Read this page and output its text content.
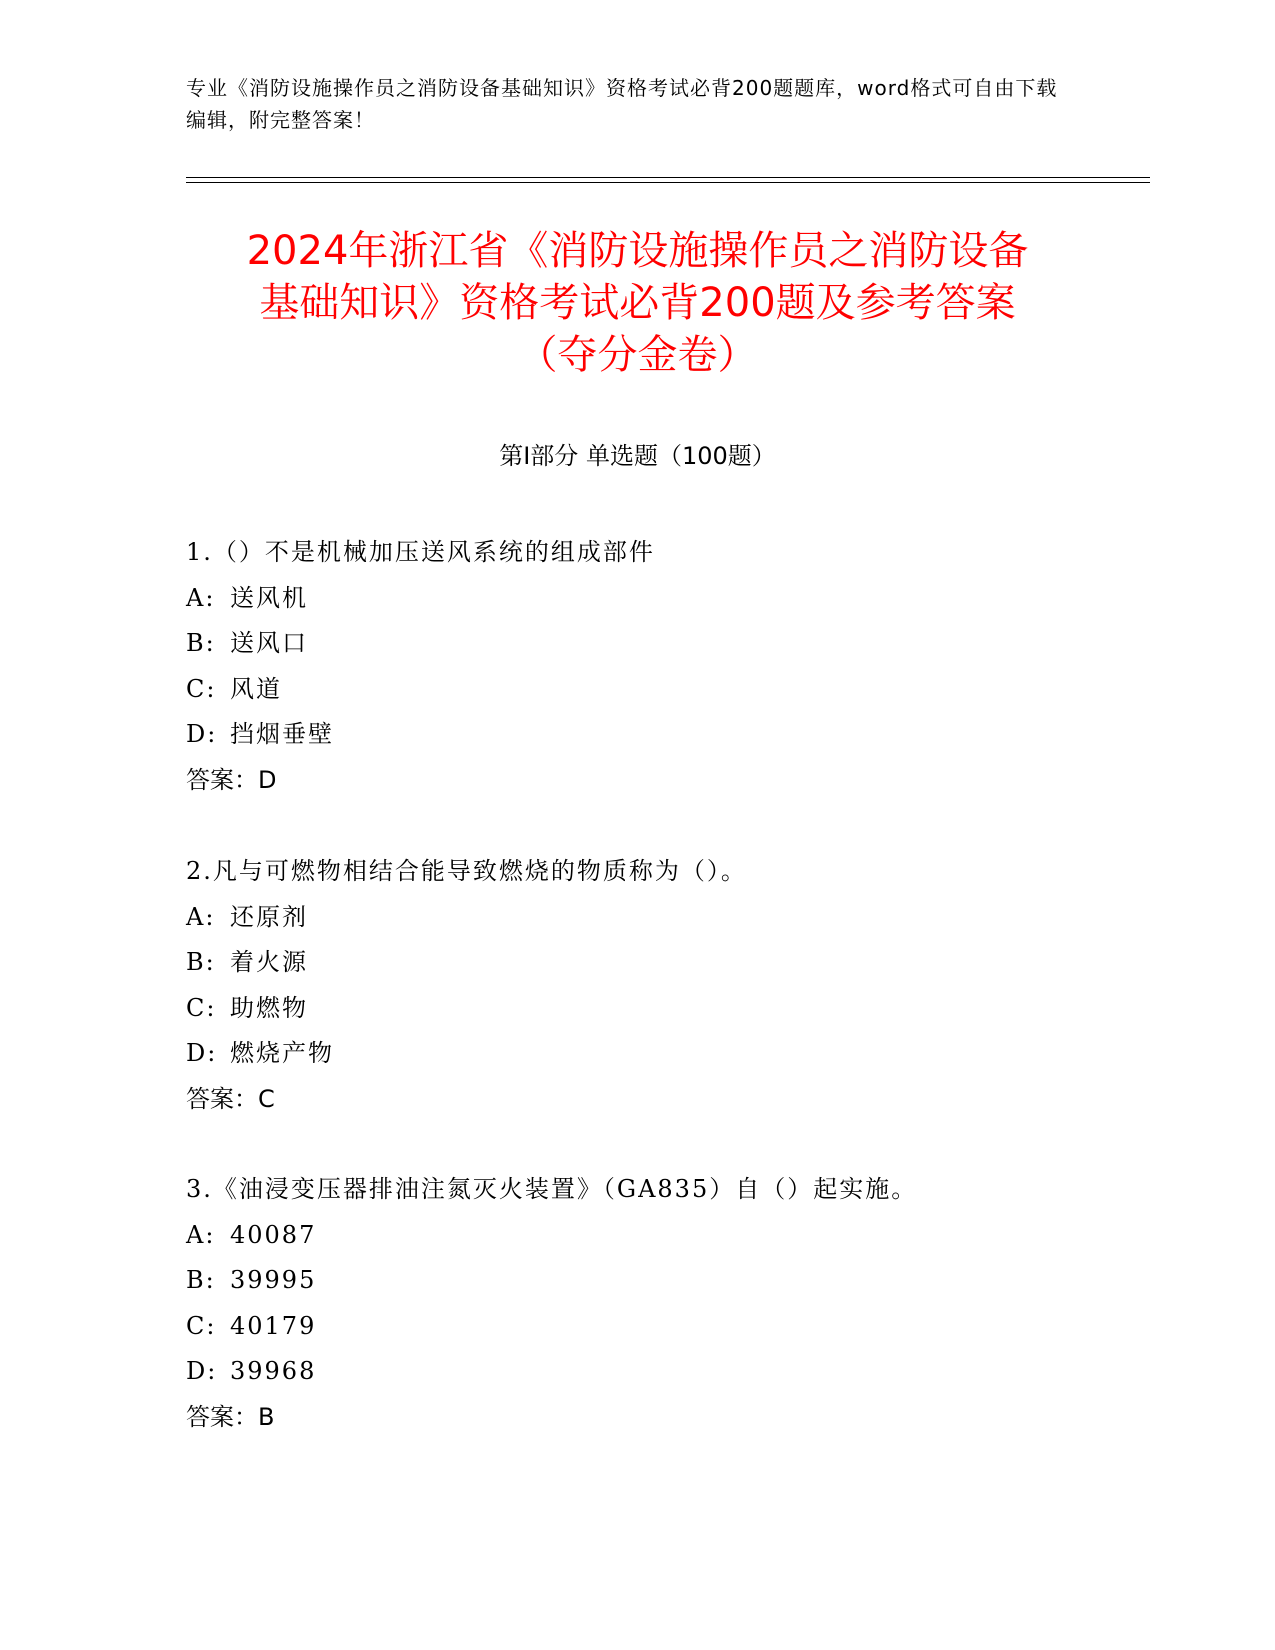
专业《消防设施操作员之消防设备基础知识》资格考试必背200题题库，word格式可自由下载编辑，附完整答案！
2024年浙江省《消防设施操作员之消防设备
基础知识》资格考试必背200题及参考答案
（夺分金卷）
第Ⅰ部分 单选题（100题）
1.（）不是机械加压送风系统的组成部件
A: 送风机
B: 送风口
C: 风道
D: 挡烟垂壁
答案：D
2.凡与可燃物相结合能导致燃烧的物质称为（）。
A: 还原剂
B: 着火源
C: 助燃物
D: 燃烧产物
答案：C
3.《油浸变压器排油注氮灭火装置》（GA835）自（）起实施。
A: 40087
B: 39995
C: 40179
D: 39968
答案：B
